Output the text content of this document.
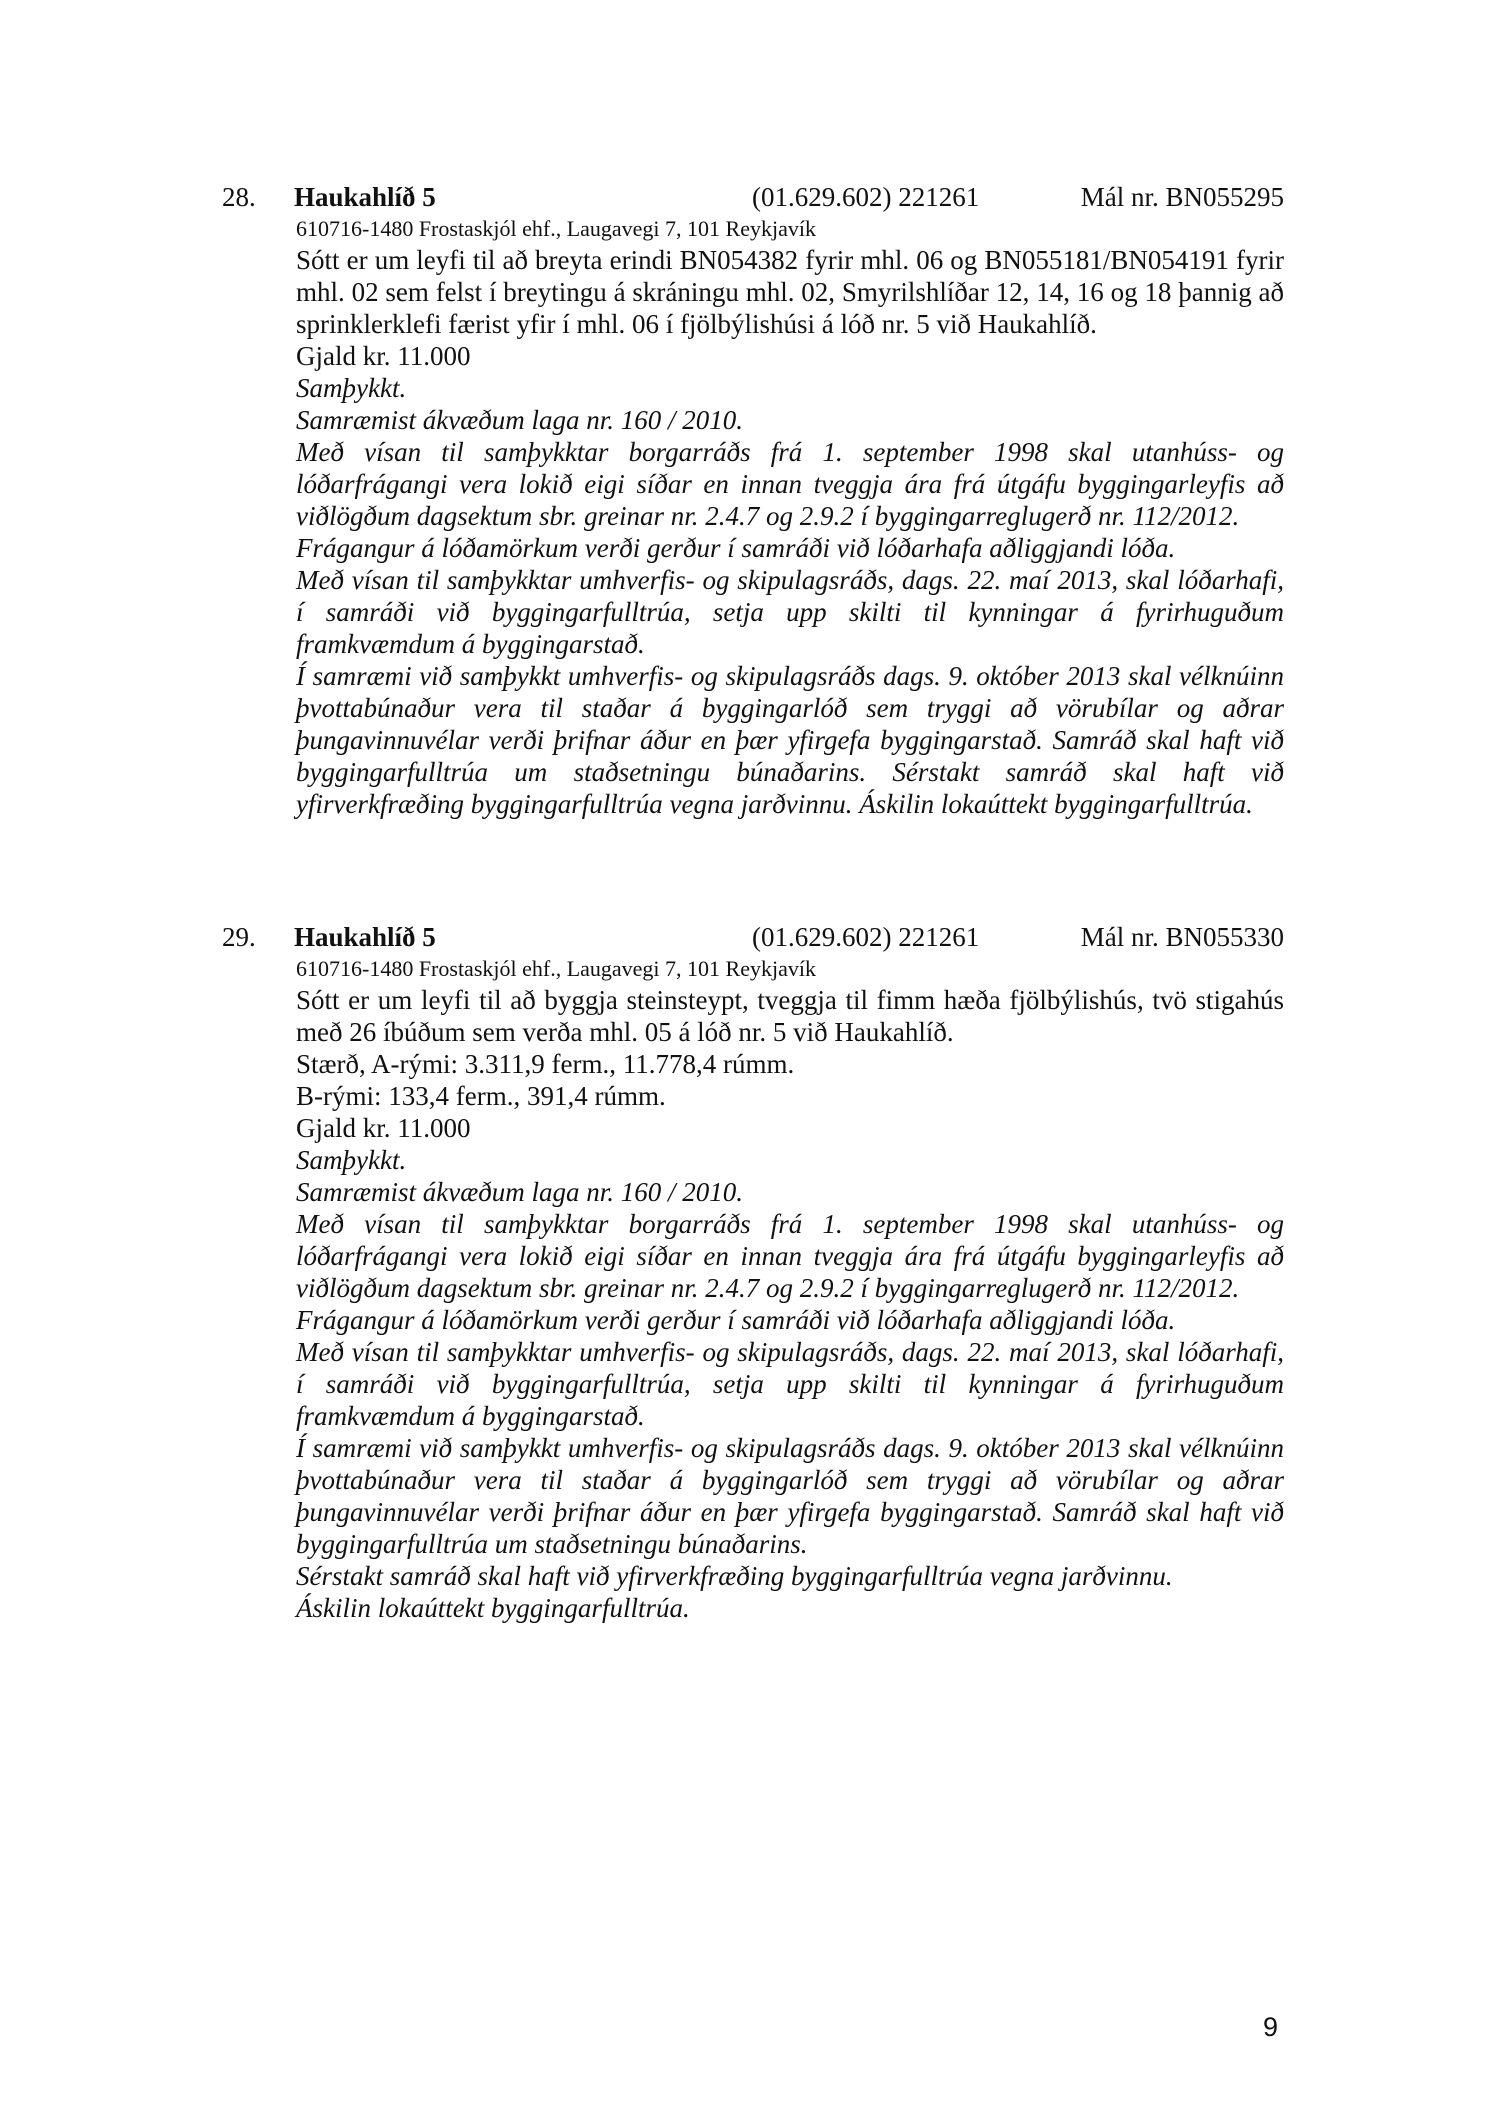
28. Haukahlíð 5	(01.629.602) 221261	Mál nr. BN055295
610716-1480 Frostaskjól ehf., Laugavegi 7, 101 Reykjavík
Sótt er um leyfi til að breyta erindi BN054382 fyrir mhl. 06 og BN055181/BN054191 fyrir mhl. 02 sem felst í breytingu á skráningu mhl. 02, Smyrilshlíðar 12, 14, 16 og 18 þannig að sprinklerklefi færist yfir í mhl. 06 í fjölbýlishúsi á lóð nr. 5 við Haukahlíð.
Gjald kr. 11.000
Samþykkt.
Samræmist ákvæðum laga nr. 160 / 2010.
Með vísan til samþykktar borgarráðs frá 1. september 1998 skal utanhúss- og lóðarfrágangi vera lokið eigi síðar en innan tveggja ára frá útgáfu byggingarleyfis að viðlögðum dagsektum sbr. greinar nr. 2.4.7 og 2.9.2 í byggingarreglugerð nr. 112/2012.
Frágangur á lóðamörkum verði gerður í samráði við lóðarhafa aðliggjandi lóða.
Með vísan til samþykktar umhverfis- og skipulagsráðs, dags. 22. maí 2013, skal lóðarhafi, í samráði við byggingarfulltrúa, setja upp skilti til kynningar á fyrirhuguðum framkvæmdum á byggingarstað.
Í samræmi við samþykkt umhverfis- og skipulagsráðs dags. 9. október 2013 skal vélknúinn þvottabúnaður vera til staðar á byggingarlóð sem tryggi að vörubílar og aðrar þungavinnuvélar verði þrifnar áður en þær yfirgefa byggingarstað. Samráð skal haft við byggingarfulltrúa um staðsetningu búnaðarins. Sérstakt samráð skal haft við yfirverkfræðing byggingarfulltrúa vegna jarðvinnu. Áskilin lokaúttekt byggingarfulltrúa.
29. Haukahlíð 5	(01.629.602) 221261	Mál nr. BN055330
610716-1480 Frostaskjól ehf., Laugavegi 7, 101 Reykjavík
Sótt er um leyfi til að byggja steinsteypt, tveggja til fimm hæða fjölbýlishús, tvö stigahús með 26 íbúðum sem verða mhl. 05 á lóð nr. 5 við Haukahlíð.
Stærð, A-rými: 3.311,9 ferm., 11.778,4 rúmm.
B-rými: 133,4 ferm., 391,4 rúmm.
Gjald kr. 11.000
Samþykkt.
Samræmist ákvæðum laga nr. 160 / 2010.
Með vísan til samþykktar borgarráðs frá 1. september 1998 skal utanhúss- og lóðarfrágangi vera lokið eigi síðar en innan tveggja ára frá útgáfu byggingarleyfis að viðlögðum dagsektum sbr. greinar nr. 2.4.7 og 2.9.2 í byggingarreglugerð nr. 112/2012.
Frágangur á lóðamörkum verði gerður í samráði við lóðarhafa aðliggjandi lóða.
Með vísan til samþykktar umhverfis- og skipulagsráðs, dags. 22. maí 2013, skal lóðarhafi, í samráði við byggingarfulltrúa, setja upp skilti til kynningar á fyrirhuguðum framkvæmdum á byggingarstað.
Í samræmi við samþykkt umhverfis- og skipulagsráðs dags. 9. október 2013 skal vélknúinn þvottabúnaður vera til staðar á byggingarlóð sem tryggi að vörubílar og aðrar þungavinnuvélar verði þrifnar áður en þær yfirgefa byggingarstað. Samráð skal haft við byggingarfulltrúa um staðsetningu búnaðarins.
Sérstakt samráð skal haft við yfirverkfræðing byggingarfulltrúa vegna jarðvinnu.
Áskilin lokaúttekt byggingarfulltrúa.
9
